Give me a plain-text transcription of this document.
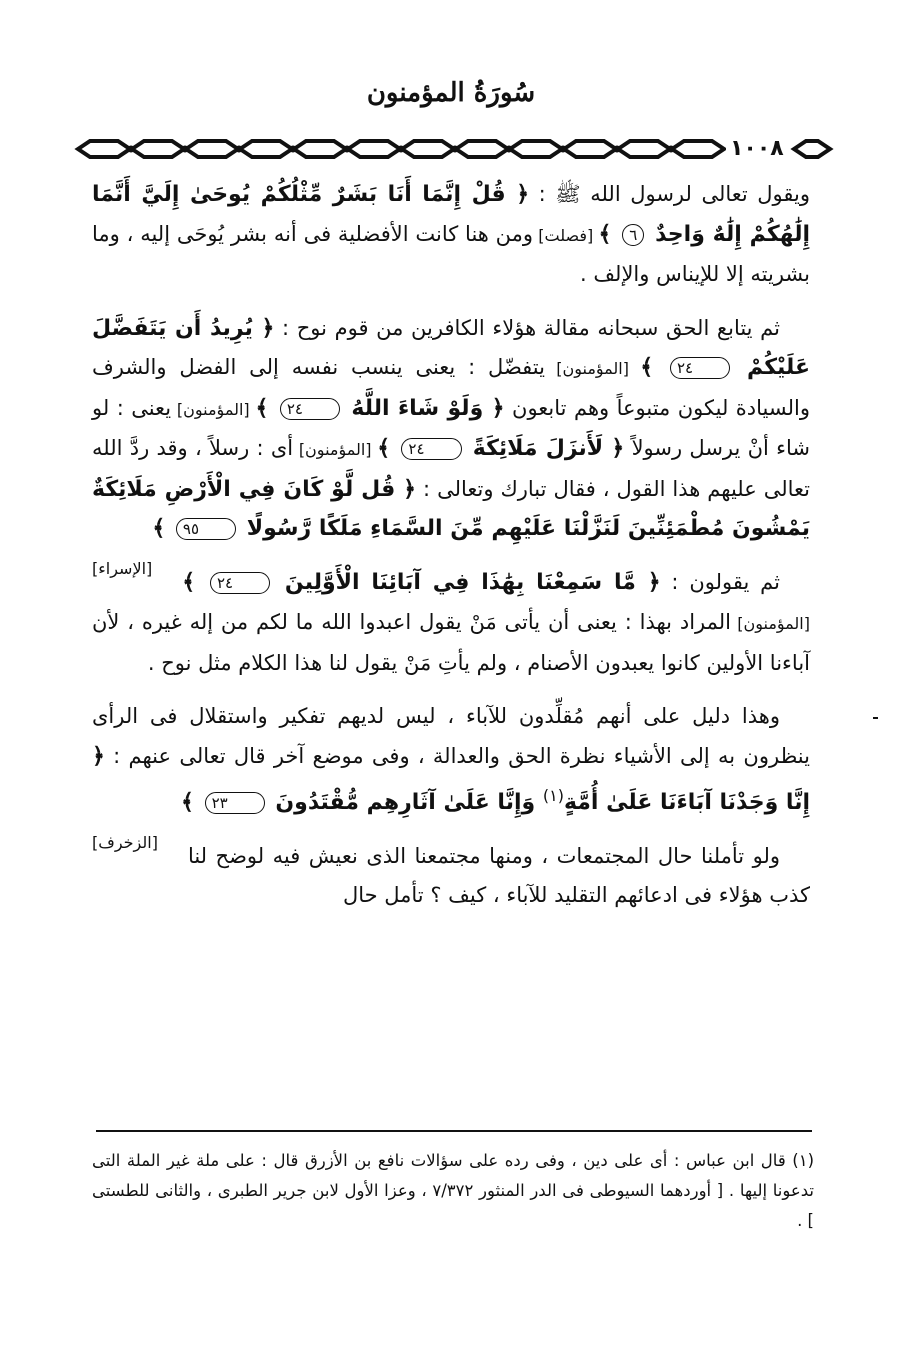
سُورَةُ المؤمنون
١٠٠٨

ويقول تعالى لرسول الله ﷺ : ﴿ قُلْ إِنَّمَا أَنَا بَشَرٌ مِّثْلُكُمْ يُوحَىٰ إِلَيَّ أَنَّمَا إِلَٰهُكُمْ إِلَٰهٌ وَاحِدٌ ٦ ﴾ [فصلت] ومن هنا كانت الأفضلية فى أنه بشر يُوحَى إليه ، وما بشريته إلا للإيناس والإلف .

ثم يتابع الحق سبحانه مقالة هؤلاء الكافرين من قوم نوح : ﴿ يُرِيدُ أَن يَتَفَضَّلَ عَلَيْكُمْ ٢٤ ﴾ [المؤمنون] يتفضّل : يعنى ينسب نفسه إلى الفضل والشرف والسيادة ليكون متبوعاً وهم تابعون ﴿ وَلَوْ شَاءَ اللَّهُ ٢٤ ﴾ [المؤمنون] يعنى : لو شاء أنْ يرسل رسولاً ﴿ لَأَنزَلَ مَلَائِكَةً ٢٤ ﴾ [المؤمنون] أى : رسلاً ، وقد ردَّ الله تعالى عليهم هذا القول ، فقال تبارك وتعالى : ﴿ قُل لَّوْ كَانَ فِي الْأَرْضِ مَلَائِكَةٌ يَمْشُونَ مُطْمَئِنِّينَ لَنَزَّلْنَا عَلَيْهِم مِّنَ السَّمَاءِ مَلَكًا رَّسُولًا ٩٥ ﴾
[الإسراء]

ثم يقولون : ﴿ مَّا سَمِعْنَا بِهَٰذَا فِي آبَائِنَا الْأَوَّلِينَ ٢٤ ﴾ [المؤمنون] المراد بهذا : يعنى أن يأتى مَنْ يقول اعبدوا الله ما لكم من إله غيره ، لأن آباءنا الأولين كانوا يعبدون الأصنام ، ولم يأتِ مَنْ يقول لنا هذا الكلام مثل نوح .

وهذا دليل على أنهم مُقلِّدون للآباء ، ليس لديهم تفكير واستقلال فى الرأى ينظرون به إلى الأشياء نظرة الحق والعدالة ، وفى موضع آخر قال تعالى عنهم : ﴿ إِنَّا وَجَدْنَا آبَاءَنَا عَلَىٰ أُمَّةٍ$^{(١)}$ وَإِنَّا عَلَىٰ آثَارِهِم مُّقْتَدُونَ ٢٣ ﴾
[الزخرف]

ولو تأملنا حال المجتمعات ، ومنها مجتمعنا الذى نعيش فيه لوضح لنا كذب هؤلاء فى ادعائهم التقليد للآباء ، كيف ؟ تأمل حال

(١) قال ابن عباس : أى على دين ، وفى رده على سؤالات نافع بن الأزرق قال : على ملة غير الملة التى تدعونا إليها . [ أوردهما السيوطى فى الدر المنثور ٧/٣٧٢ ، وعزا الأول لابن جرير الطبرى ، والثانى للطستى ] .
